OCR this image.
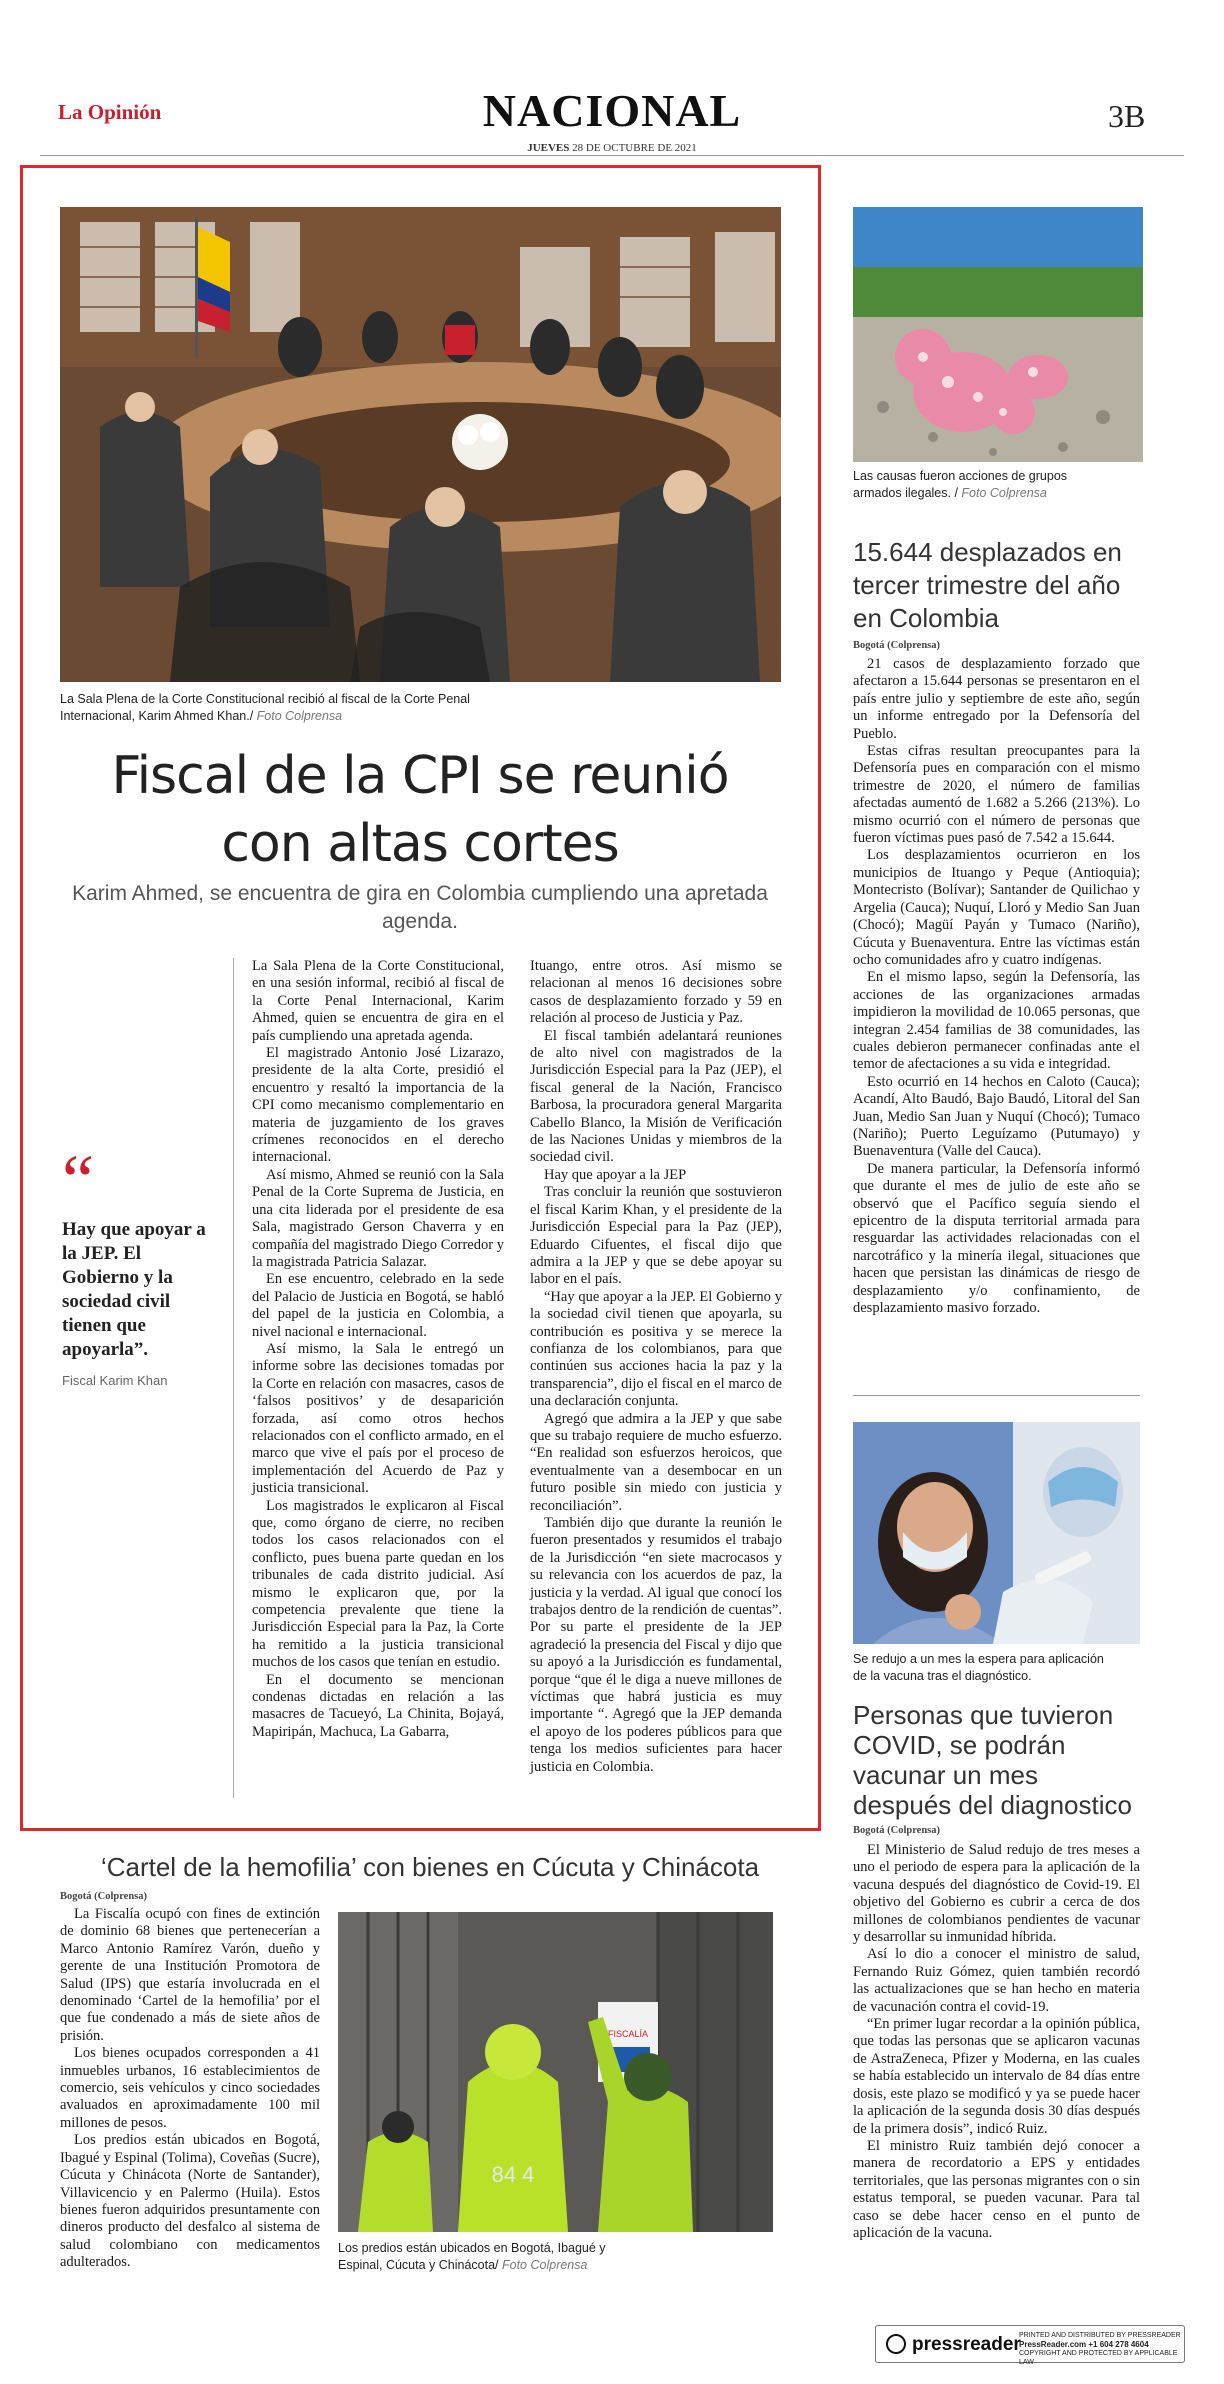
La Opinión	NACIONAL
JUEVES 28 DE OCTUBRE DE 2021
3B
La Sala Plena de la Corte Constitucional recibió al fiscal de la Corte Penal Internacional, Karim Ahmed Khan./ Foto Colprensa
Fiscal de la CPI se reunió
con altas cortes
Karim Ahmed, se encuentra de gira en Colombia cumpliendo una apretada agenda.
“
Hay que apoyar a la JEP. El Gobierno y la sociedad civil tienen que apoyarla”.
Fiscal Karim Khan

La Sala Plena de la Corte Constitucional, en una sesión informal, recibió al fiscal de la Corte Penal Internacional, Karim Ahmed, quien se encuentra de gira en el país cumpliendo una apretada agenda.

El magistrado Antonio José Lizarazo, presidente de la alta Corte, presidió el encuentro y resaltó la importancia de la CPI como mecanismo complementario en materia de juzgamiento de los graves crímenes reconocidos en el derecho internacional.

Así mismo, Ahmed se reunió con la Sala Penal de la Corte Suprema de Justicia, en una cita liderada por el presidente de esa Sala, magistrado Gerson Chaverra y en compañía del magistrado Diego Corredor y la magistrada Patricia Salazar.

En ese encuentro, celebrado en la sede del Palacio de Justicia en Bogotá, se habló del papel de la justicia en Colombia, a nivel nacional e internacional.

Así mismo, la Sala le entregó un informe sobre las decisiones tomadas por la Corte en relación con masacres, casos de ‘falsos positivos’ y de desaparición forzada, así como otros hechos relacionados con el conflicto armado, en el marco que vive el país por el proceso de implementación del Acuerdo de Paz y justicia transicional.

Los magistrados le explicaron al Fiscal que, como órgano de cierre, no reciben todos los casos relacionados con el conflicto, pues buena parte quedan en los tribunales de cada distrito judicial. Así mismo le explicaron que, por la competencia prevalente que tiene la Jurisdicción Especial para la Paz, la Corte ha remitido a la justicia transicional muchos de los casos que tenían en estudio.

En el documento se mencionan condenas dictadas en relación a las masacres de Tacueyó, La Chinita, Bojayá, Mapiripán, Machuca, La Gabarra,

Ituango, entre otros. Así mismo se relacionan al menos 16 decisiones sobre casos de desplazamiento forzado y 59 en relación al proceso de Justicia y Paz.

El fiscal también adelantará reuniones de alto nivel con magistrados de la Jurisdicción Especial para la Paz (JEP), el fiscal general de la Nación, Francisco Barbosa, la procuradora general Margarita Cabello Blanco, la Misión de Verificación de las Naciones Unidas y miembros de la sociedad civil.

Hay que apoyar a la JEP

Tras concluir la reunión que sostuvieron el fiscal Karim Khan, y el presidente de la Jurisdicción Especial para la Paz (JEP), Eduardo Cifuentes, el fiscal dijo que admira a la JEP y que se debe apoyar su labor en el país.

“Hay que apoyar a la JEP. El Gobierno y la sociedad civil tienen que apoyarla, su contribución es positiva y se merece la confianza de los colombianos, para que continúen sus acciones hacia la paz y la transparencia”, dijo el fiscal en el marco de una declaración conjunta.

Agregó que admira a la JEP y que sabe que su trabajo requiere de mucho esfuerzo. “En realidad son esfuerzos heroicos, que eventualmente van a desembocar en un futuro posible sin miedo con justicia y reconciliación”.

También dijo que durante la reunión le fueron presentados y resumidos el trabajo de la Jurisdicción “en siete macrocasos y su relevancia con los acuerdos de paz, la justicia y la verdad. Al igual que conocí los trabajos dentro de la rendición de cuentas”. Por su parte el presidente de la JEP agradeció la presencia del Fiscal y dijo que su apoyó a la Jurisdicción es fundamental, porque “que él le diga a nueve millones de víctimas que habrá justicia es muy importante “. Agregó que la JEP demanda el apoyo de los poderes públicos para que tenga los medios suficientes para hacer justicia en Colombia.

Las causas fueron acciones de grupos armados ilegales. / Foto Colprensa
15.644 desplazados en tercer trimestre del año en Colombia
Bogotá (Colprensa)

21 casos de desplazamiento forzado que afectaron a 15.644 personas se presentaron en el país entre julio y septiembre de este año, según un informe entregado por la Defensoría del Pueblo.

Estas cifras resultan preocupantes para la Defensoría pues en comparación con el mismo trimestre de 2020, el número de familias afectadas aumentó de 1.682 a 5.266 (213%). Lo mismo ocurrió con el número de personas que fueron víctimas pues pasó de 7.542 a 15.644.

Los desplazamientos ocurrieron en los municipios de Ituango y Peque (Antioquia); Montecristo (Bolívar); Santander de Quilichao y Argelia (Cauca); Nuquí, Lloró y Medio San Juan (Chocó); Magüí Payán y Tumaco (Nariño), Cúcuta y Buenaventura. Entre las víctimas están ocho comunidades afro y cuatro indígenas.

En el mismo lapso, según la Defensoría, las acciones de las organizaciones armadas impidieron la movilidad de 10.065 personas, que integran 2.454 familias de 38 comunidades, las cuales debieron permanecer confinadas ante el temor de afectaciones a su vida e integridad.

Esto ocurrió en 14 hechos en Caloto (Cauca); Acandí, Alto Baudó, Bajo Baudó, Litoral del San Juan, Medio San Juan y Nuquí (Chocó); Tumaco (Nariño); Puerto Leguízamo (Putumayo) y Buenaventura (Valle del Cauca).

De manera particular, la Defensoría informó que durante el mes de julio de este año se observó que el Pacífico seguía siendo el epicentro de la disputa territorial armada para resguardar las actividades relacionadas con el narcotráfico y la minería ilegal, situaciones que hacen que persistan las dinámicas de riesgo de desplazamiento y/o confinamiento, de desplazamiento masivo forzado.

Se redujo a un mes la espera para aplicación de la vacuna tras el diagnóstico.
Personas que tuvieron COVID, se podrán vacunar un mes después del diagnostico
Bogotá (Colprensa)

El Ministerio de Salud redujo de tres meses a uno el periodo de espera para la aplicación de la vacuna después del diagnóstico de Covid-19. El objetivo del Gobierno es cubrir a cerca de dos millones de colombianos pendientes de vacunar y desarrollar su inmunidad híbrida.

Así lo dio a conocer el ministro de salud, Fernando Ruiz Gómez, quien también recordó las actualizaciones que se han hecho en materia de vacunación contra el covid-19.

“En primer lugar recordar a la opinión pública, que todas las personas que se aplicaron vacunas de AstraZeneca, Pfizer y Moderna, en las cuales se había establecido un intervalo de 84 días entre dosis, este plazo se modificó y ya se puede hacer la aplicación de la segunda dosis 30 días después de la primera dosis”, indicó Ruiz.

El ministro Ruiz también dejó conocer a manera de recordatorio a EPS y entidades territoriales, que las personas migrantes con o sin estatus temporal, se pueden vacunar. Para tal caso se debe hacer censo en el punto de aplicación de la vacuna.

‘Cartel de la hemofilia’ con bienes en Cúcuta y Chinácota
Bogotá (Colprensa)

La Fiscalía ocupó con fines de extinción de dominio 68 bienes que pertenecerían a Marco Antonio Ramírez Varón, dueño y gerente de una Institución Promotora de Salud (IPS) que estaría involucrada en el denominado ‘Cartel de la hemofilia’ por el que fue condenado a más de siete años de prisión.

Los bienes ocupados corresponden a 41 inmuebles urbanos, 16 establecimientos de comercio, seis vehículos y cinco sociedades avaluados en aproximadamente 100 mil millones de pesos.

Los predios están ubicados en Bogotá, Ibagué y Espinal (Tolima), Coveñas (Sucre), Cúcuta y Chinácota (Norte de Santander), Villavicencio y en Palermo (Huila). Estos bienes fueron adquiridos presuntamente con dineros producto del desfalco al sistema de salud colombiano con medicamentos adulterados.

FISCALÍA
84 4
Los predios están ubicados en Bogotá, Ibagué y
Espinal, Cúcuta y Chinácota/ Foto Colprensa
pressreader
PRINTED AND DISTRIBUTED BY PRESSREADER
PressReader.com +1 604 278 4604
COPYRIGHT AND PROTECTED BY APPLICABLE LAW
